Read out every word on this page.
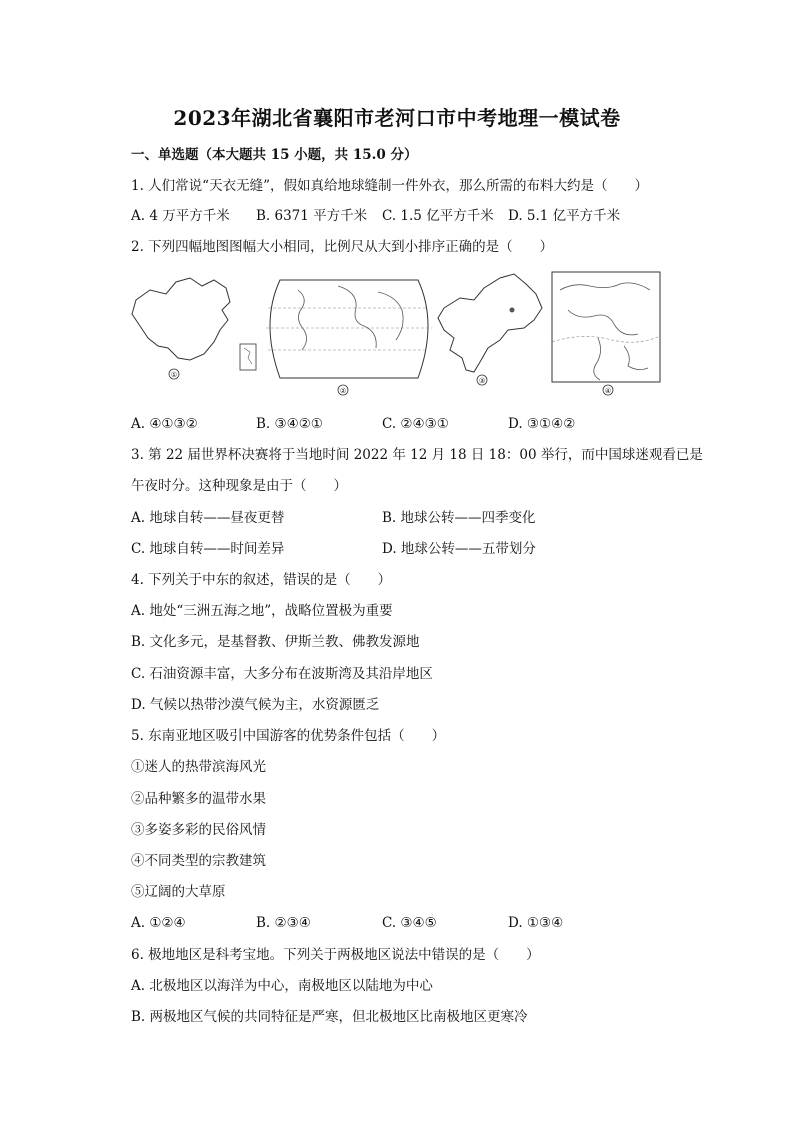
2023年湖北省襄阳市老河口市中考地理一模试卷
一、单选题（本大题共 15 小题，共 15.0 分）
1. 人们常说“天衣无缝”，假如真给地球缝制一件外衣，那么所需的布料大约是（　　）
A. 4 万平方千米 B. 6371 平方千米 C. 1.5 亿平方千米 D. 5.1 亿平方千米
2. 下列四幅地图图幅大小相同，比例尺从大到小排序正确的是（　　）
①
②
③
④
A. ④①③②	B. ③④②①	C. ②④③①	D. ③①④②
3. 第 22 届世界杯决赛将于当地时间 2022 年 12 月 18 日 18：00 举行，而中国球迷观看已是
午夜时分。这种现象是由于（　　）
A. 地球自转——昼夜更替	B. 地球公转——四季变化
C. 地球自转——时间差异	D. 地球公转——五带划分
4. 下列关于中东的叙述，错误的是（　　）
A. 地处“三洲五海之地”，战略位置极为重要
B. 文化多元，是基督教、伊斯兰教、佛教发源地
C. 石油资源丰富，大多分布在波斯湾及其沿岸地区
D. 气候以热带沙漠气候为主，水资源匮乏
5. 东南亚地区吸引中国游客的优势条件包括（　　）
①迷人的热带滨海风光
②品种繁多的温带水果
③多姿多彩的民俗风情
④不同类型的宗教建筑
⑤辽阔的大草原
A. ①②④	B. ②③④	C. ③④⑤	D. ①③④
6. 极地地区是科考宝地。下列关于两极地区说法中错误的是（　　）
A. 北极地区以海洋为中心，南极地区以陆地为中心
B. 两极地区气候的共同特征是严寒，但北极地区比南极地区更寒冷
